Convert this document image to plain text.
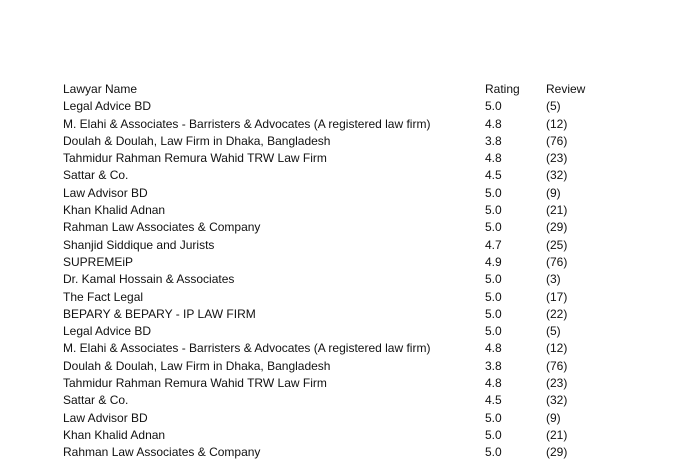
Lawyar Name	Rating Review
Legal Advice BD	5.0	(5)
M. Elahi & Associates - Barristers & Advocates (A registered law firm)	4.8	(12)
Doulah & Doulah, Law Firm in Dhaka, Bangladesh	3.8	(76)
Tahmidur Rahman Remura Wahid TRW Law Firm	4.8	(23)
Sattar & Co.	4.5	(32)
Law Advisor BD	5.0	(9)
Khan Khalid Adnan	5.0	(21)
Rahman Law Associates & Company	5.0	(29)
Shanjid Siddique and Jurists	4.7	(25)
SUPREMEiP	4.9	(76)
Dr. Kamal Hossain & Associates	5.0	(3)
The Fact Legal	5.0	(17)
BEPARY & BEPARY - IP LAW FIRM	5.0	(22)
Legal Advice BD	5.0	(5)
M. Elahi & Associates - Barristers & Advocates (A registered law firm)	4.8	(12)
Doulah & Doulah, Law Firm in Dhaka, Bangladesh	3.8	(76)
Tahmidur Rahman Remura Wahid TRW Law Firm	4.8	(23)
Sattar & Co.	4.5	(32)
Law Advisor BD	5.0	(9)
Khan Khalid Adnan	5.0	(21)
Rahman Law Associates & Company	5.0	(29)
